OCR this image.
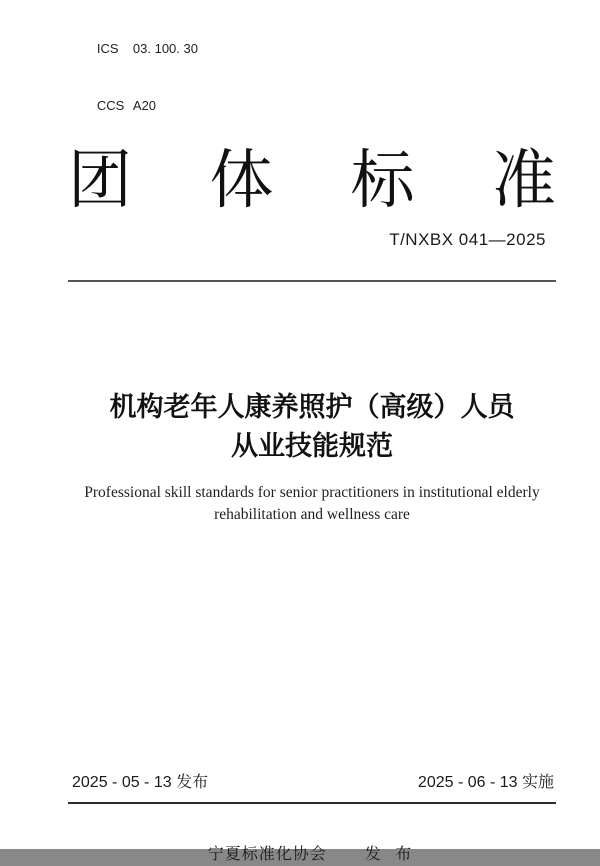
ICS 03. 100. 30

CCS A20

团 体 标 准
T/NXBX 041—2025
机构老年人康养照护（高级）人员
从业技能规范
Professional skill standards for senior practitioners in institutional elderly
rehabilitation and wellness care
2025 - 05 - 13 发布	2025 - 06 - 13 实施
宁夏标准化协会 发 布
